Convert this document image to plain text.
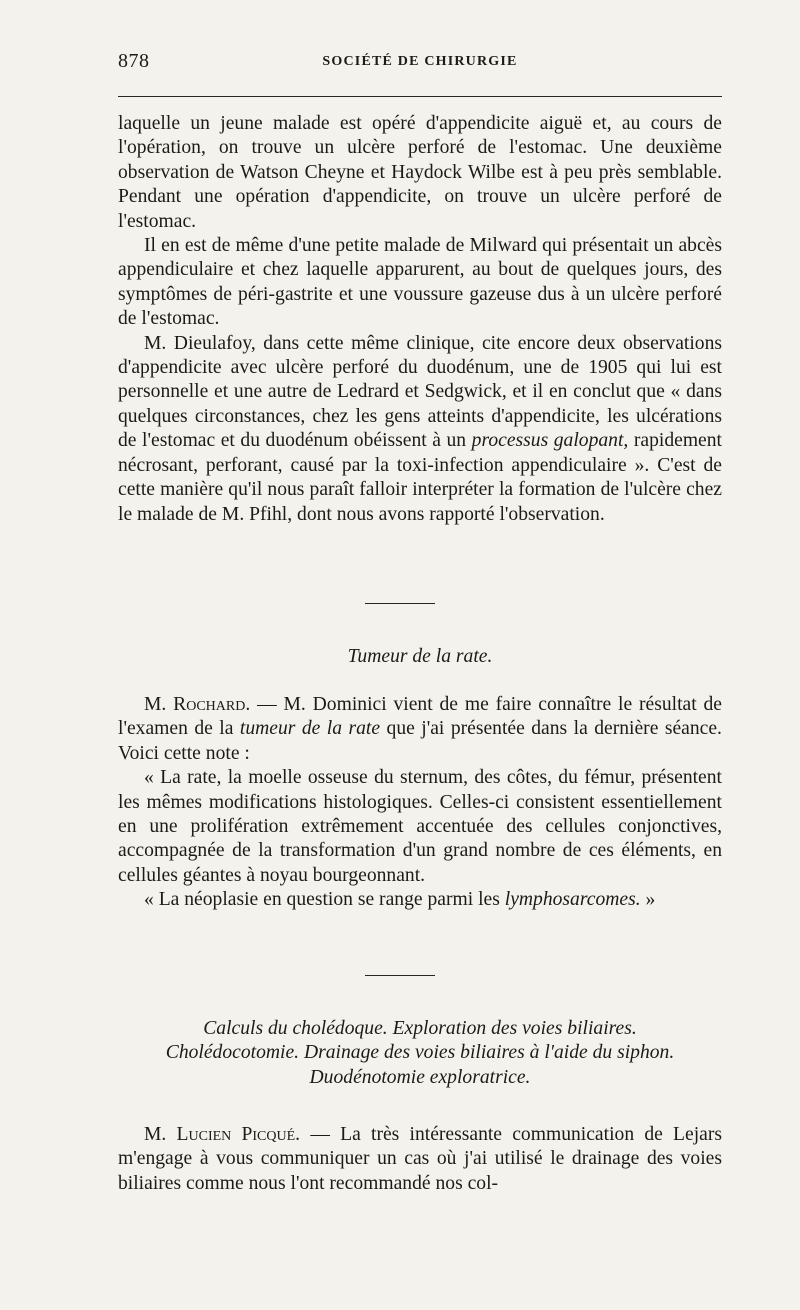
878	SOCIÉTÉ DE CHIRURGIE

laquelle un jeune malade est opéré d'appendicite aiguë et, au cours de l'opération, on trouve un ulcère perforé de l'estomac. Une deuxième observation de Watson Cheyne et Haydock Wilbe est à peu près semblable. Pendant une opération d'appendicite, on trouve un ulcère perforé de l'estomac.

Il en est de même d'une petite malade de Milward qui présentait un abcès appendiculaire et chez laquelle apparurent, au bout de quelques jours, des symptômes de péri-gastrite et une voussure gazeuse dus à un ulcère perforé de l'estomac.

M. Dieulafoy, dans cette même clinique, cite encore deux observations d'appendicite avec ulcère perforé du duodénum, une de 1905 qui lui est personnelle et une autre de Ledrard et Sedgwick, et il en conclut que « dans quelques circonstances, chez les gens atteints d'appendicite, les ulcérations de l'estomac et du duodénum obéissent à un processus galopant, rapidement nécrosant, perforant, causé par la toxi-infection appendiculaire ». C'est de cette manière qu'il nous paraît falloir interpréter la formation de l'ulcère chez le malade de M. Pfihl, dont nous avons rapporté l'observation.

Tumeur de la rate.

M. Rochard. — M. Dominici vient de me faire connaître le résultat de l'examen de la tumeur de la rate que j'ai présentée dans la dernière séance. Voici cette note :

« La rate, la moelle osseuse du sternum, des côtes, du fémur, présentent les mêmes modifications histologiques. Celles-ci consistent essentiellement en une prolifération extrêmement accentuée des cellules conjonctives, accompagnée de la transformation d'un grand nombre de ces éléments, en cellules géantes à noyau bourgeonnant.

« La néoplasie en question se range parmi les lymphosarcomes. »

Calculs du cholédoque. Exploration des voies biliaires.
Cholédocotomie. Drainage des voies biliaires à l'aide du siphon.
Duodénotomie exploratrice.

M. Lucien Picqué. — La très intéressante communication de Lejars m'engage à vous communiquer un cas où j'ai utilisé le drainage des voies biliaires comme nous l'ont recommandé nos col-
